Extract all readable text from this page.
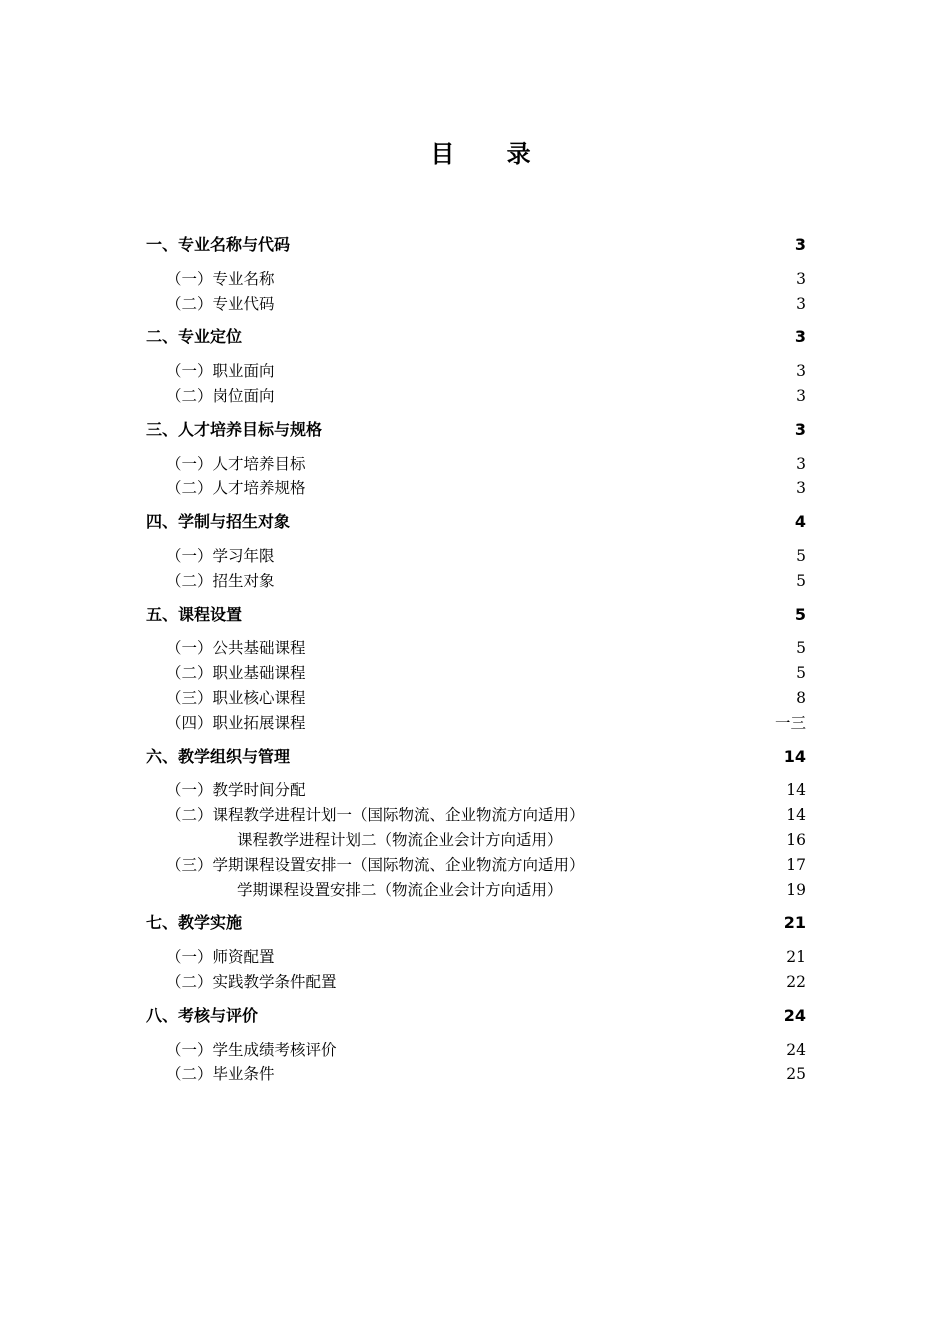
目 录
一、专业名称与代码	3
（一）专业名称	3
（二）专业代码	3
二、专业定位	3
（一）职业面向	3
（二）岗位面向	3
三、人才培养目标与规格	3
（一）人才培养目标	3
（二）人才培养规格	3
四、学制与招生对象	4
（一）学习年限	5
（二）招生对象	5
五、课程设置	5
（一）公共基础课程	5
（二）职业基础课程	5
（三）职业核心课程	8
（四）职业拓展课程	一三
六、教学组织与管理	14
（一）教学时间分配	14
（二）课程教学进程计划一（国际物流、企业物流方向适用）	14
课程教学进程计划二（物流企业会计方向适用）	16
（三）学期课程设置安排一（国际物流、企业物流方向适用）	17
学期课程设置安排二（物流企业会计方向适用）	19
七、教学实施	21
（一）师资配置	21
（二）实践教学条件配置	22
八、考核与评价	24
（一）学生成绩考核评价	24
（二）毕业条件	25
